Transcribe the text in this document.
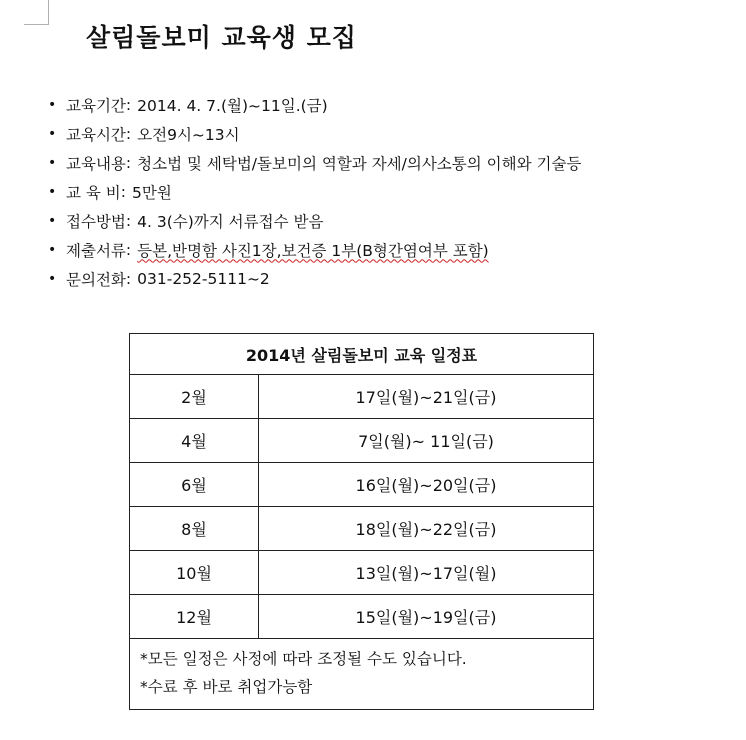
살림돌보미 교육생 모집
• 교육기간 : 2014. 4. 7.(월)~11일.(금)
• 교육시간 : 오전9시~13시
• 교육내용 : 청소법 및 세탁법/돌보미의 역할과 자세/의사소통의 이해와 기술등
• 교 육 비 : 5만원
• 접수방법 : 4. 3(수)까지 서류접수 받음
• 제출서류 : 등본,반명함 사진1장,보건증 1부(B형간염여부 포함)
• 문의전화 : 031-252-5111~2
2014년 살림돌보미 교육 일정표	
2월	17일(월)~21일(금)
4월	7일(월)~ 11일(금)
6월	16일(월)~20일(금)
8월	18일(월)~22일(금)
10월	13일(월)~17일(월)
12월	15일(월)~19일(금)

*모든 일정은 사정에 따라 조정될 수도 있습니다.
*수료 후 바로 취업가능함	
